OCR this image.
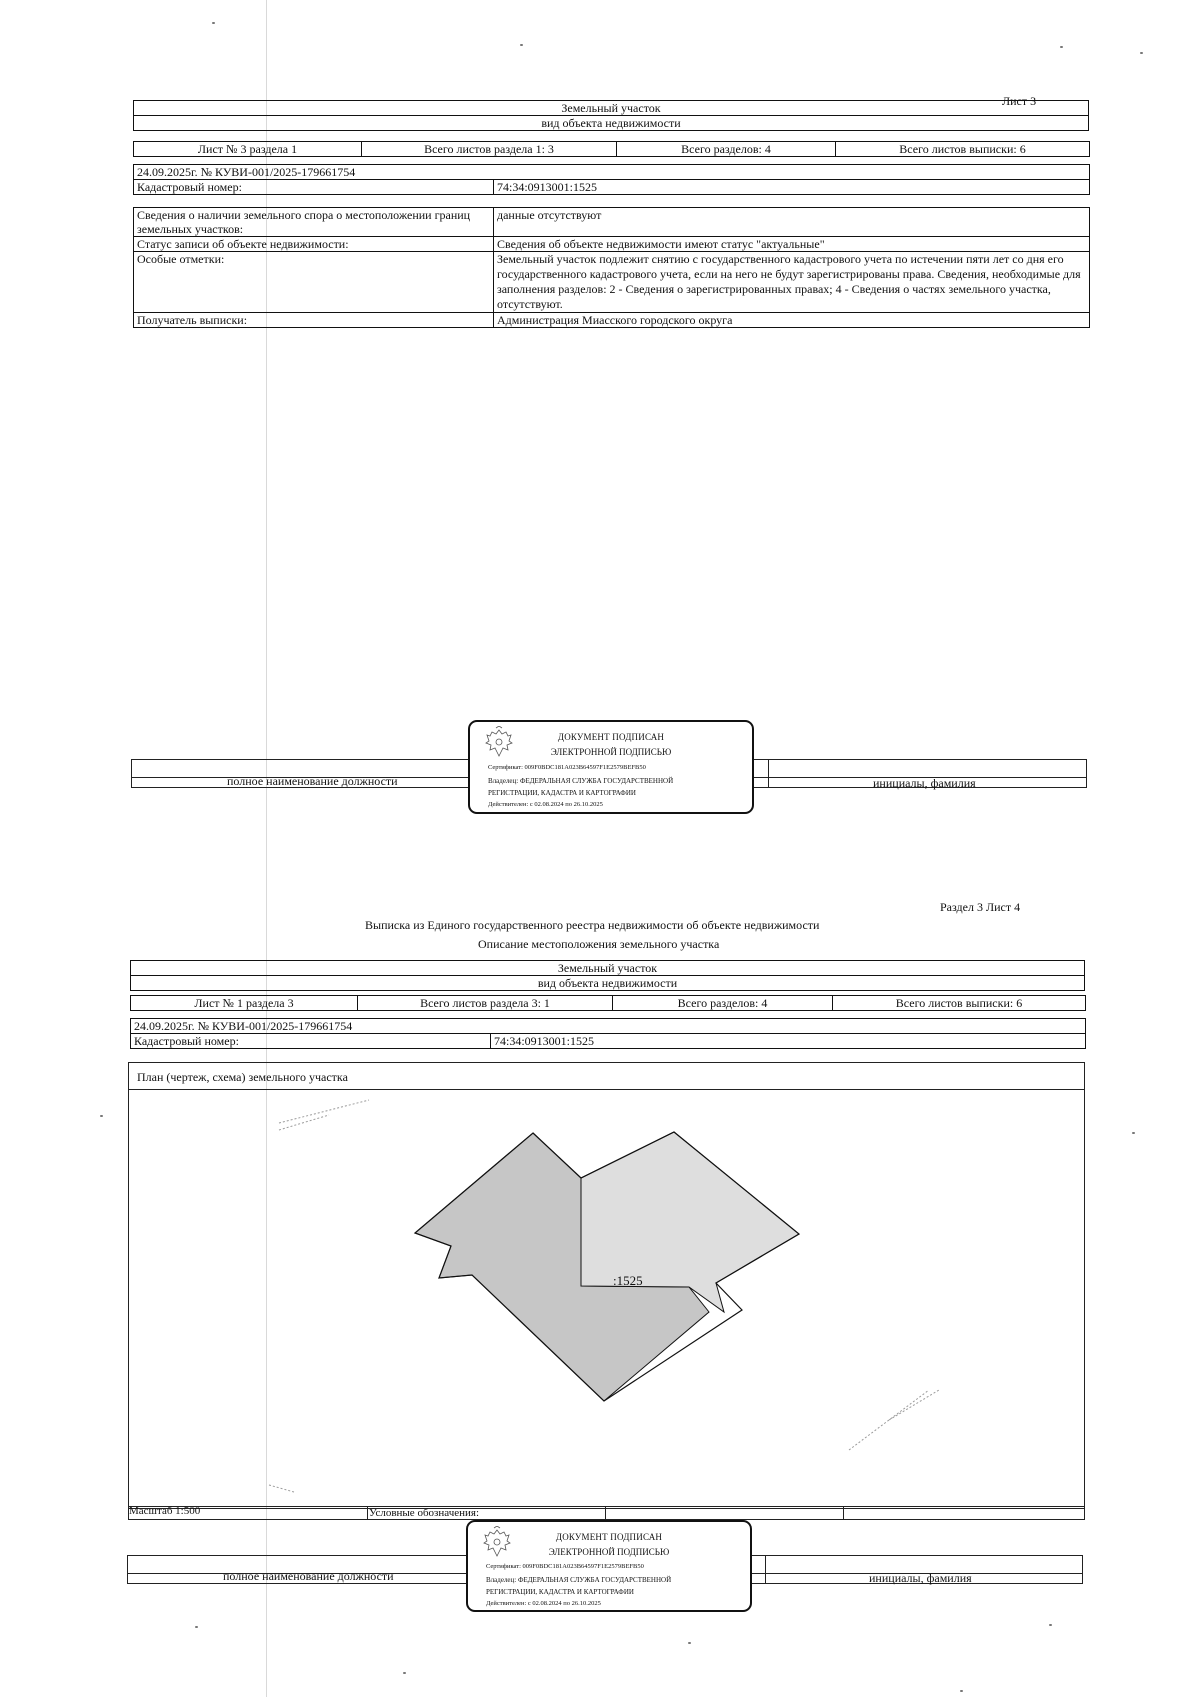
Лист 3
Земельный участок
вид объекта недвижимости
Лист № 3 раздела 1	Всего листов раздела 1: 3	Всего разделов: 4	Всего листов выписки: 6
24.09.2025г. № КУВИ-001/2025-179661754
Кадастровый номер:	74:34:0913001:1525
Сведения о наличии земельного спора о местоположении границ земельных участков:	данные отсутствуют
Статус записи об объекте недвижимости:	Сведения об объекте недвижимости имеют статус "актуальные"
Особые отметки:	Земельный участок подлежит снятию с государственного кадастрового учета по истечении пяти лет со дня его государственного кадастрового учета, если на него не будут зарегистрированы права. Сведения, необходимые для заполнения разделов: 2 - Сведения о зарегистрированных правах; 4 - Сведения о частях земельного участка, отсутствуют.
Получатель выписки:	Администрация Миасского городского округа
полное наименование должности	инициалы, фамилия
ДОКУМЕНТ ПОДПИСАН
ЭЛЕКТРОННОЙ ПОДПИСЬЮ
Сертификат: 009F0BDC181A023B64597F1E2579BEFB50
Владелец: ФЕДЕРАЛЬНАЯ СЛУЖБА ГОСУДАРСТВЕННОЙ
РЕГИСТРАЦИИ, КАДАСТРА И КАРТОГРАФИИ
Действителен: с 02.08.2024 по 26.10.2025
Раздел 3 Лист 4
Выписка из Единого государственного реестра недвижимости об объекте недвижимости
Описание местоположения земельного участка
Земельный участок
вид объекта недвижимости
Лист № 1 раздела 3	Всего листов раздела 3: 1	Всего разделов: 4	Всего листов выписки: 6
24.09.2025г. № КУВИ-001/2025-179661754
Кадастровый номер:	74:34:0913001:1525
План (чертеж, схема) земельного участка
:1525
Масштаб 1:500	Условные обозначения:
полное наименование должности	инициалы, фамилия
ДОКУМЕНТ ПОДПИСАН
ЭЛЕКТРОННОЙ ПОДПИСЬЮ
Сертификат: 009F0BDC181A023B64597F1E2579BEFB50
Владелец: ФЕДЕРАЛЬНАЯ СЛУЖБА ГОСУДАРСТВЕННОЙ
РЕГИСТРАЦИИ, КАДАСТРА И КАРТОГРАФИИ
Действителен: с 02.08.2024 по 26.10.2025
